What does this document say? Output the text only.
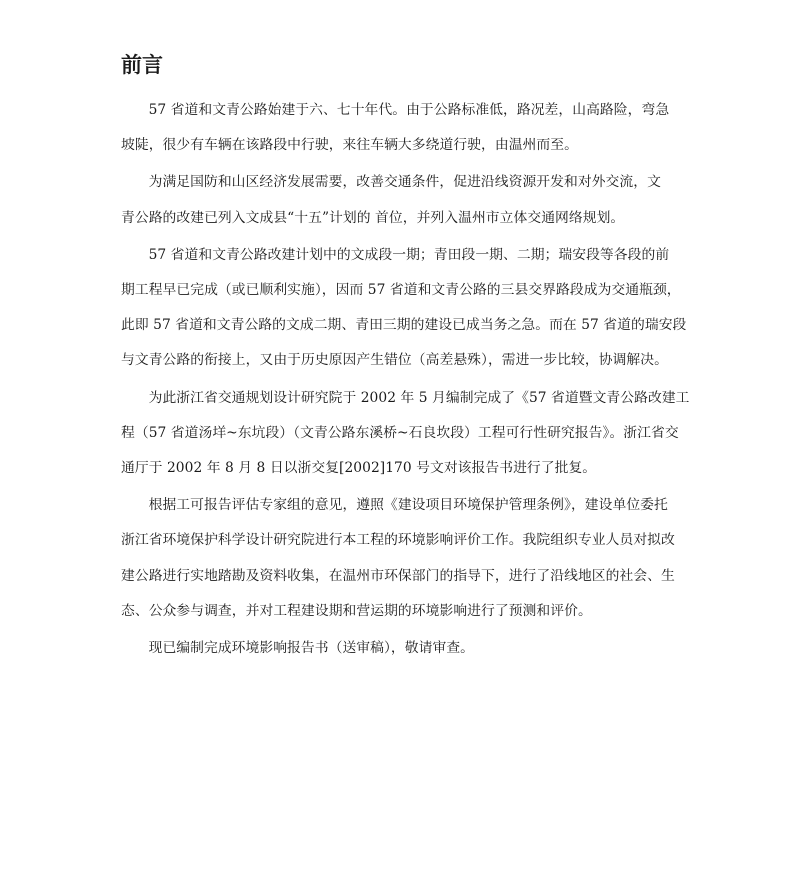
前言
57 省道和文青公路始建于六、七十年代。由于公路标准低，路况差，山高路险，弯急
坡陡，很少有车辆在该路段中行驶，来往车辆大多绕道行驶，由温州而至。
为满足国防和山区经济发展需要，改善交通条件，促进沿线资源开发和对外交流，文
青公路的改建已列入文成县“十五”计划的 首位，并列入温州市立体交通网络规划。
57 省道和文青公路改建计划中的文成段一期；青田段一期、二期；瑞安段等各段的前
期工程早已完成（或已顺利实施），因而 57 省道和文青公路的三县交界路段成为交通瓶颈，
此即 57 省道和文青公路的文成二期、青田三期的建设已成当务之急。而在 57 省道的瑞安段
与文青公路的衔接上，又由于历史原因产生错位（高差悬殊），需进一步比较，协调解决。
为此浙江省交通规划设计研究院于 2002 年 5 月编制完成了《57 省道暨文青公路改建工
程（57 省道汤垟~东坑段）（文青公路东溪桥~石良坎段）工程可行性研究报告》。浙江省交
通厅于 2002 年 8 月 8 日以浙交复[2002]170 号文对该报告书进行了批复。
根据工可报告评估专家组的意见，遵照《建设项目环境保护管理条例》，建设单位委托
浙江省环境保护科学设计研究院进行本工程的环境影响评价工作。我院组织专业人员对拟改
建公路进行实地踏勘及资料收集，在温州市环保部门的指导下，进行了沿线地区的社会、生
态、公众参与调查，并对工程建设期和营运期的环境影响进行了预测和评价。
现已编制完成环境影响报告书（送审稿），敬请审查。
